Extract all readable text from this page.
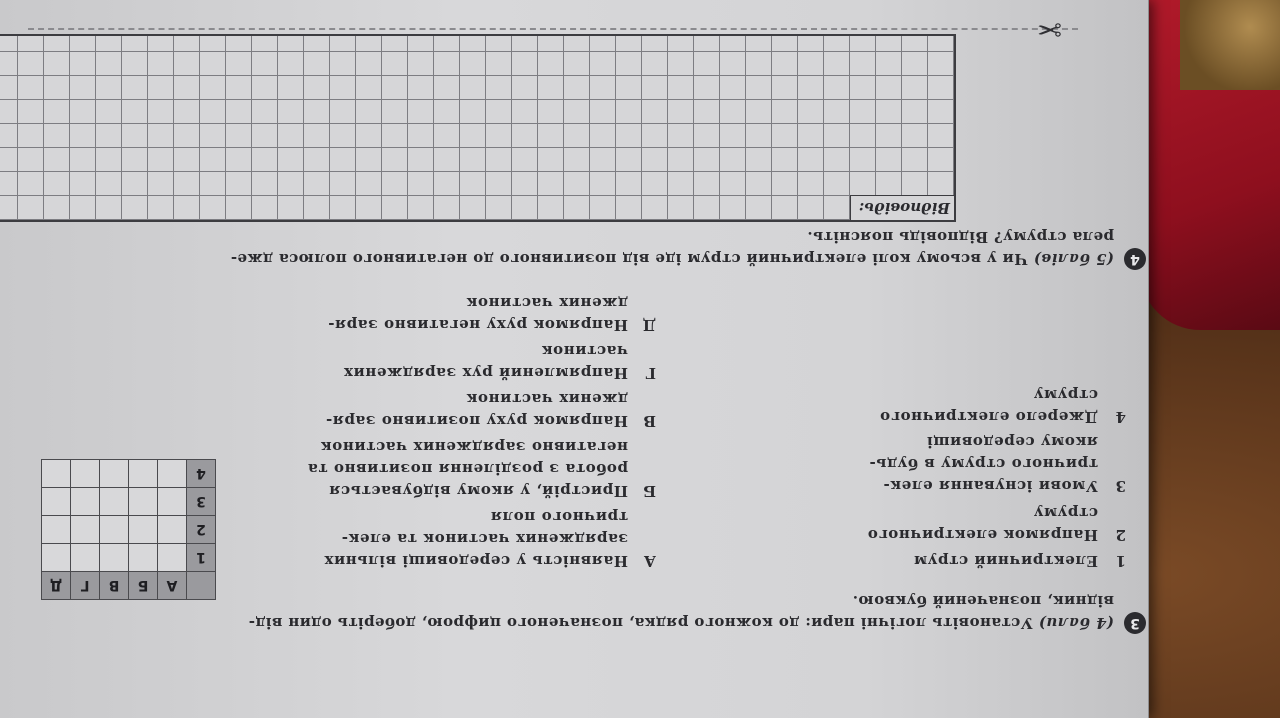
3
(4 бали) Установіть логічні пари: до кожного рядка, позначеного цифрою, доберіть один від-
відник, позначений буквою.
1
Електричний струм
2
Напрямок електричного
струму
3
Умови існування елек-
тричного струму в будь-
якому середовищі
4
Джерело електричного
струму
А
Наявність у середовищі вільних
заряджених частинок та елек-
тричного поля
Б
Пристрій, у якому відбувається
робота з розділення позитивно та
негативно заряджених частинок
В
Напрямок руху позитивно заря-
джених частинок
Г
Напрямлений рух заряджених
частинок
Д
Напрямок руху негативно заря-
джених частинок
	А	Б	В	Г	Д
1					
2					
3					
4					
4
(5 балів) Чи у всьому колі електричний струм іде від позитивного до негативного полюса дже-
рела струму? Відповідь поясніть.
Відповідь:
✂
